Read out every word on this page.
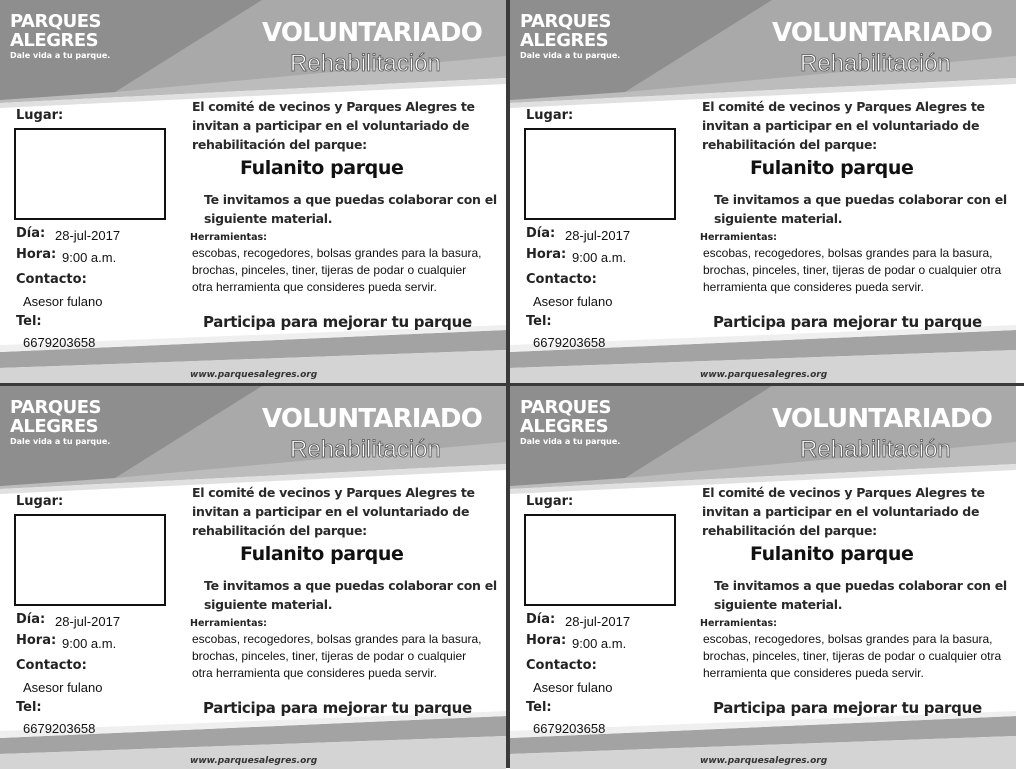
PARQUES
ALEGRES
Dale vida a tu parque.
VOLUNTARIADO
Rehabilitación
Lugar:
Día: 28-jul-2017
Hora: 9:00 a.m.
Contacto:
Asesor fulano
Tel:
6679203658
El comité de vecinos y Parques Alegres te invitan a participar en el voluntariado de rehabilitación del parque:
Fulanito parque
Te invitamos a que puedas colaborar con el siguiente material.
Herramientas:
escobas, recogedores, bolsas grandes para la basura, brochas, pinceles, tiner, tijeras de podar o cualquier otra herramienta que consideres pueda servir.
Participa para mejorar tu parque
www.parquesalegres.org
PARQUES
ALEGRES
Dale vida a tu parque.
VOLUNTARIADO
Rehabilitación
Lugar:
Día: 28-jul-2017
Hora: 9:00 a.m.
Contacto:
Asesor fulano
Tel:
6679203658
El comité de vecinos y Parques Alegres te invitan a participar en el voluntariado de rehabilitación del parque:
Fulanito parque
Te invitamos a que puedas colaborar con el siguiente material.
Herramientas:
escobas, recogedores, bolsas grandes para la basura, brochas, pinceles, tiner, tijeras de podar o cualquier otra herramienta que consideres pueda servir.
Participa para mejorar tu parque
www.parquesalegres.org
PARQUES
ALEGRES
Dale vida a tu parque.
VOLUNTARIADO
Rehabilitación
Lugar:
Día: 28-jul-2017
Hora: 9:00 a.m.
Contacto:
Asesor fulano
Tel:
6679203658
El comité de vecinos y Parques Alegres te invitan a participar en el voluntariado de rehabilitación del parque:
Fulanito parque
Te invitamos a que puedas colaborar con el siguiente material.
Herramientas:
escobas, recogedores, bolsas grandes para la basura, brochas, pinceles, tiner, tijeras de podar o cualquier otra herramienta que consideres pueda servir.
Participa para mejorar tu parque
www.parquesalegres.org
PARQUES
ALEGRES
Dale vida a tu parque.
VOLUNTARIADO
Rehabilitación
Lugar:
Día: 28-jul-2017
Hora: 9:00 a.m.
Contacto:
Asesor fulano
Tel:
6679203658
El comité de vecinos y Parques Alegres te invitan a participar en el voluntariado de rehabilitación del parque:
Fulanito parque
Te invitamos a que puedas colaborar con el siguiente material.
Herramientas:
escobas, recogedores, bolsas grandes para la basura, brochas, pinceles, tiner, tijeras de podar o cualquier otra herramienta que consideres pueda servir.
Participa para mejorar tu parque
www.parquesalegres.org
